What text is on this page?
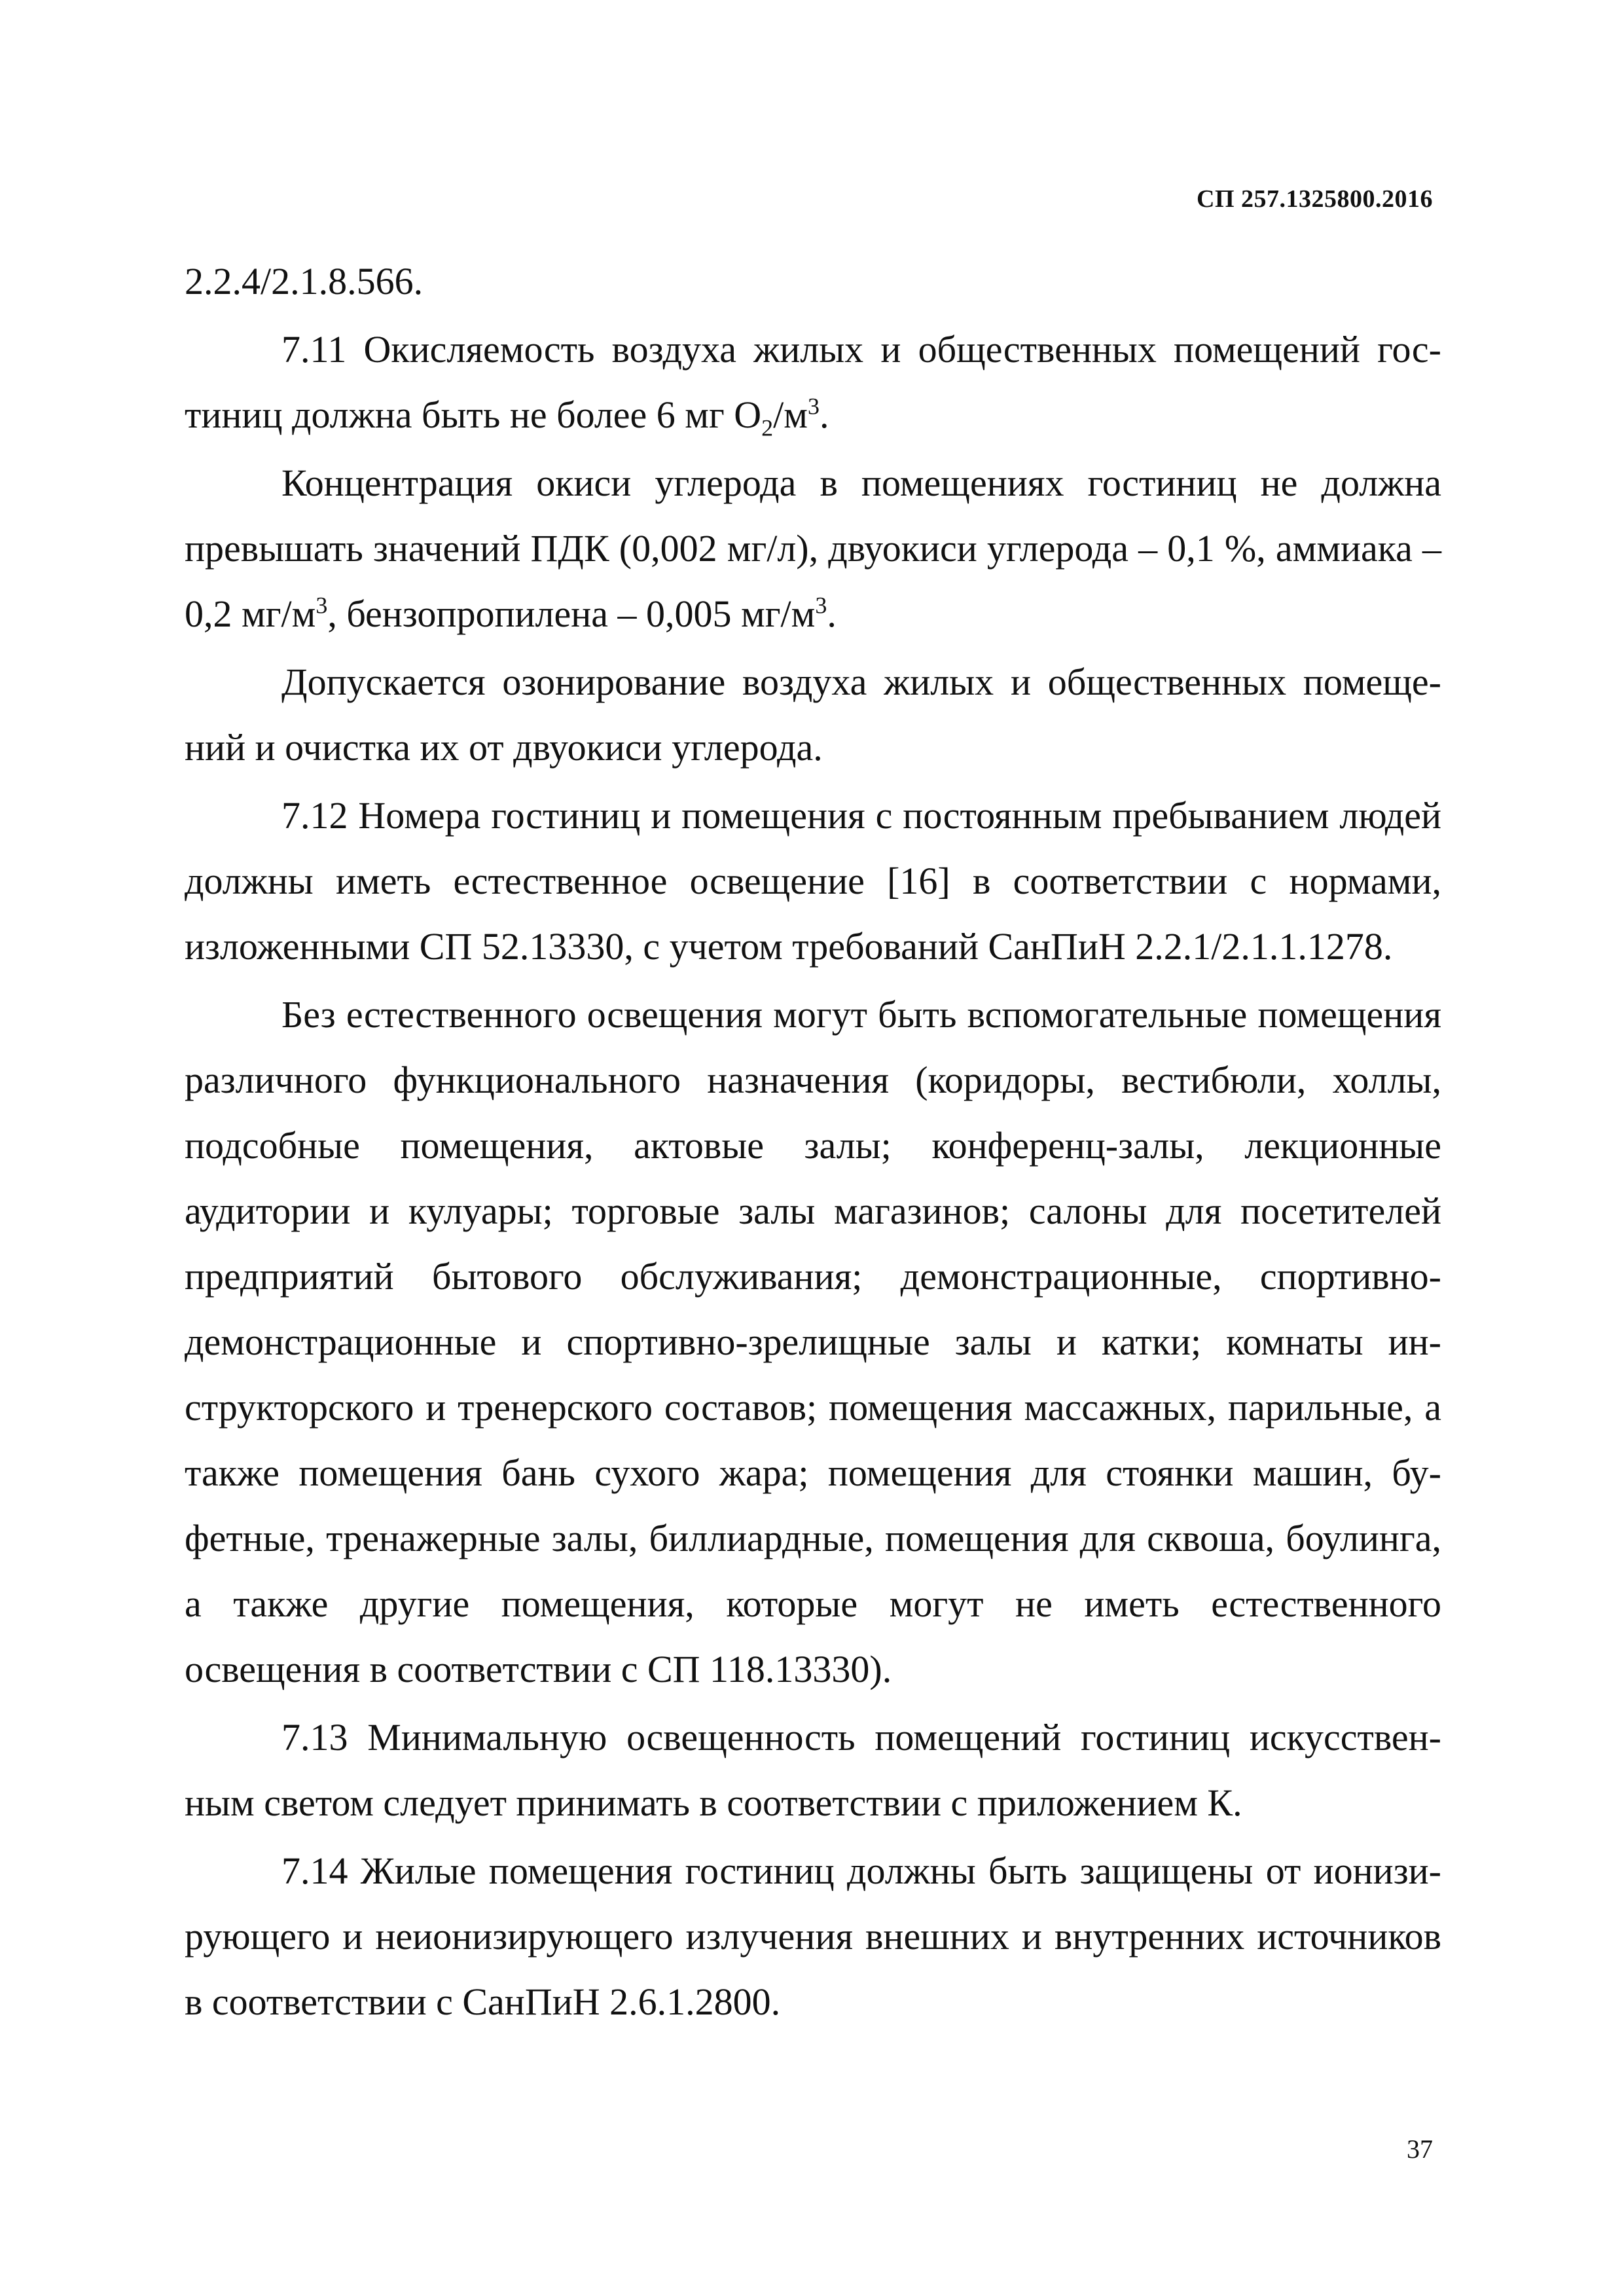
СП 257.1325800.2016

2.2.4/2.1.8.566.

7.11 Окисляемость воздуха жилых и общественных помещений гостиниц должна быть не более 6 мг $О_2/м^3$.

Концентрация окиси углерода в помещениях гостиниц не должна превышать значений ПДК (0,002 мг/л), двуокиси углерода – 0,1 %, аммиака – 0,2 $мг/м^3$, бензопропилена – 0,005 $мг/м^3$.

Допускается озонирование воздуха жилых и общественных помещений и очистка их от двуокиси углерода.

7.12 Номера гостиниц и помещения с постоянным пребыванием людей должны иметь естественное освещение [16] в соответствии с нормами, изложенными СП 52.13330, с учетом требований СанПиН 2.2.1/2.1.1.1278.

Без естественного освещения могут быть вспомогательные помещения различного функционального назначения (коридоры, вестибюли, холлы, подсобные помещения, актовые залы; конференц-залы, лекционные аудитории и кулуары; торговые залы магазинов; салоны для посетителей предприятий бытового обслуживания; демонстрационные, спортивно-демонстрационные и спортивно-зрелищные залы и катки; комнаты инструкторского и тренерского составов; помещения массажных, парильные, а также помещения бань сухого жара; помещения для стоянки машин, буфетные, тренажерные залы, биллиардные, помещения для сквоша, боулинга, а также другие помещения, которые могут не иметь естественного освещения в соответствии с СП 118.13330).

7.13 Минимальную освещенность помещений гостиниц искусственным светом следует принимать в соответствии с приложением К.

7.14 Жилые помещения гостиниц должны быть защищены от ионизирующего и неионизирующего излучения внешних и внутренних источников в соответствии с СанПиН 2.6.1.2800.

37
